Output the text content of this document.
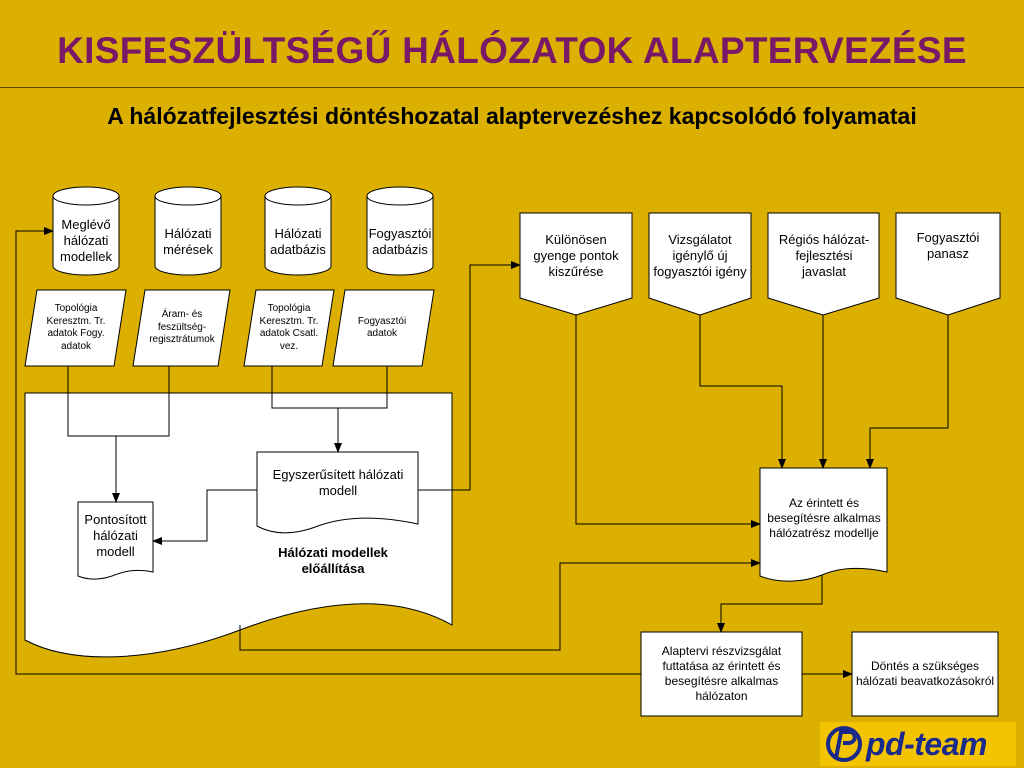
KISFESZÜLTSÉGŰ HÁLÓZATOK ALAPTERVEZÉSE
A hálózatfejlesztési döntéshozatal alaptervezéshez kapcsolódó folyamatai
Meglévő hálózati modellek
Hálózati mérések
Hálózati adatbázis
Fogyasztói adatbázis
Topológia Keresztm. Tr. adatok Fogy. adatok
Áram- és feszültség- regisztrátumok
Topológia Keresztm. Tr. adatok Csatl. vez.
Fogyasztói adatok
Egyszerűsített hálózati modell
Pontosított hálózati modell	Hálózati modellek előállítása
Különösen gyenge pontok kiszűrése
Vizsgálatot igénylő új fogyasztói igény
Régiós hálózat- fejlesztési javaslat
Fogyasztói panasz
Az érintett és besegítésre alkalmas hálózatrész modellje
Alaptervi részvizsgálat futtatása az érintett és besegítésre alkalmas hálózaton
Döntés a szükséges hálózati beavatkozásokról
pd-team
